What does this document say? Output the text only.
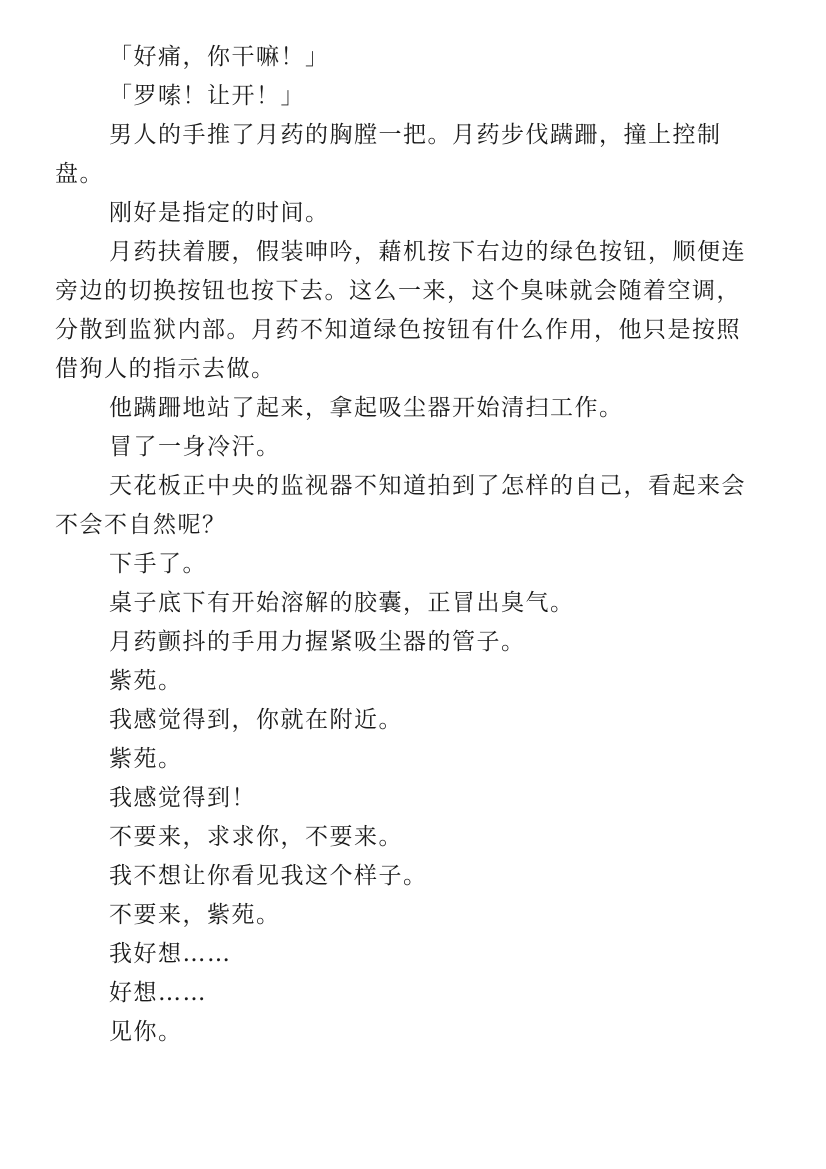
「好痛，你干嘛！」

「罗嗦！让开！」

男人的手推了月药的胸膛一把。月药步伐蹒跚，撞上控制盘。

刚好是指定的时间。

月药扶着腰，假装呻吟，藉机按下右边的绿色按钮，顺便连旁边的切换按钮也按下去。这么一来，这个臭味就会随着空调，分散到监狱内部。月药不知道绿色按钮有什么作用，他只是按照借狗人的指示去做。

他蹒跚地站了起来，拿起吸尘器开始清扫工作。

冒了一身冷汗。

天花板正中央的监视器不知道拍到了怎样的自己，看起来会不会不自然呢？

下手了。

桌子底下有开始溶解的胶囊，正冒出臭气。

月药颤抖的手用力握紧吸尘器的管子。

紫苑。

我感觉得到，你就在附近。

紫苑。

我感觉得到！

不要来，求求你，不要来。

我不想让你看见我这个样子。

不要来，紫苑。

我好想……

好想……

见你。
